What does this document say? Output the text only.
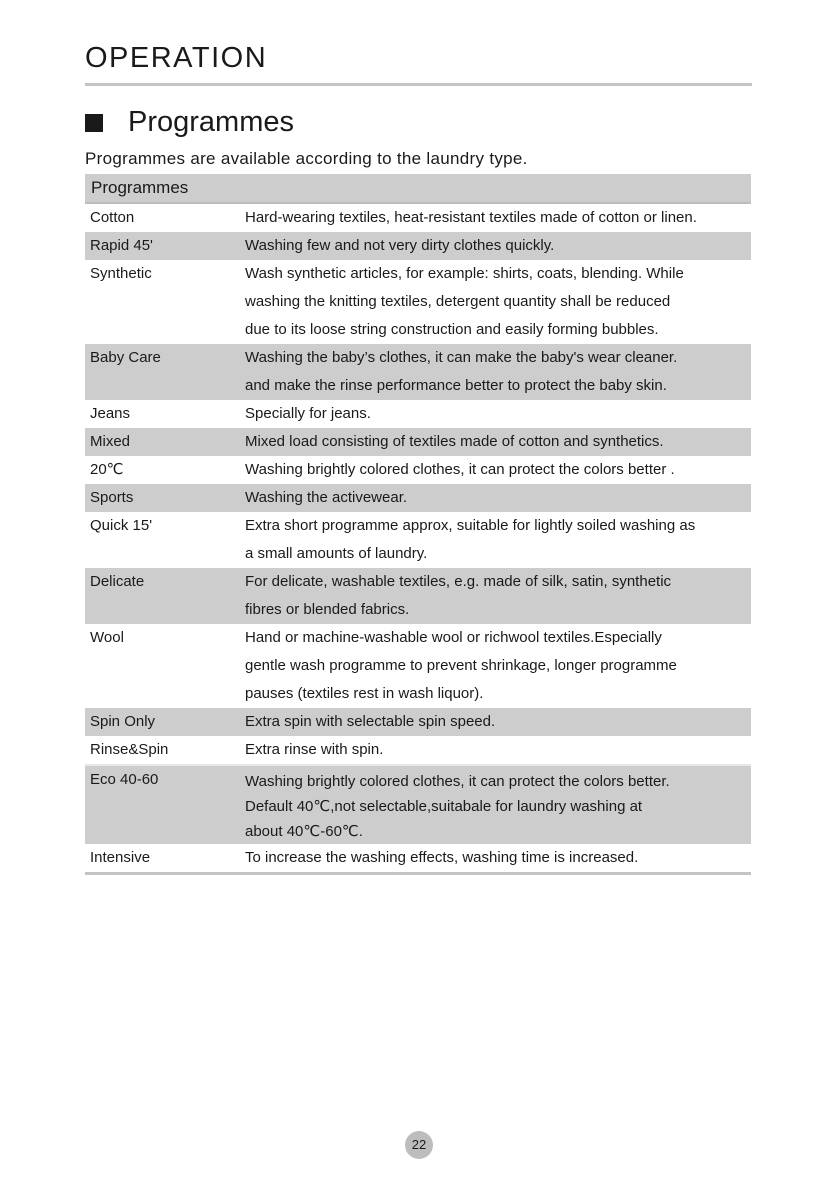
OPERATION
Programmes
Programmes are available according to the laundry type.
Programmes	
Cotton	Hard-wearing textiles, heat-resistant textiles made of cotton or linen.

Rapid 45'	Washing few and not very dirty clothes quickly.

Synthetic	Wash synthetic articles, for example: shirts, coats, blending. While
washing the knitting textiles, detergent quantity shall be reduced
due to its loose string construction and easily forming bubbles.

Baby Care	Washing the baby’s clothes, it can make the baby's wear cleaner.
and make the rinse performance better to protect the baby skin.

Jeans	Specially for jeans.

Mixed	Mixed load consisting of textiles made of cotton and synthetics.

20℃	Washing brightly colored clothes, it can protect the colors better .

Sports	Washing the activewear.

Quick 15'	Extra short programme approx, suitable for lightly soiled washing as
a small amounts of laundry.

Delicate	For delicate, washable textiles, e.g. made of silk, satin, synthetic
fibres or blended fabrics.

Wool	Hand or machine-washable wool or richwool textiles.Especially
gentle wash programme to prevent shrinkage, longer programme
pauses (textiles rest in wash liquor).

Spin Only	Extra spin with selectable spin speed.

Rinse&Spin	Extra rinse with spin.

Eco 40-60	Washing brightly colored clothes, it can protect the colors better.
Default 40℃,not selectable,suitabale for laundry washing at
about 40℃-60℃.

Intensive	To increase the washing effects, washing time is increased.
22
